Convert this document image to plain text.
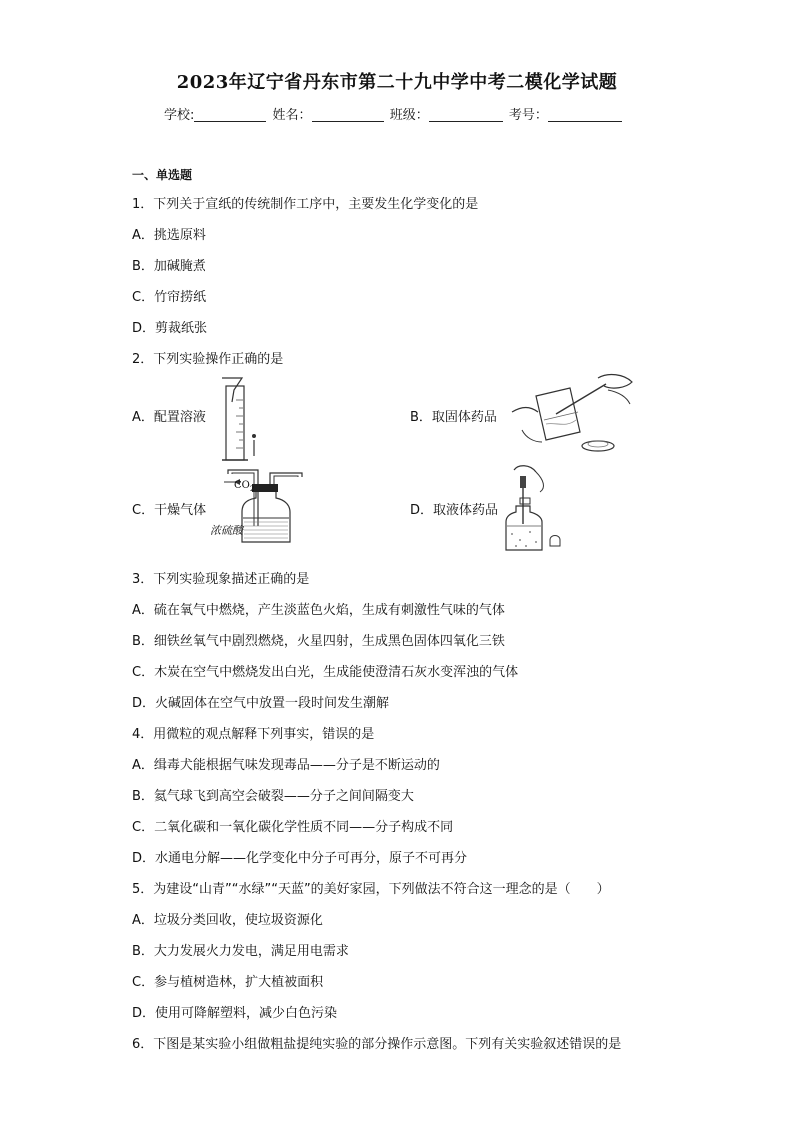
2023年辽宁省丹东市第二十九中学中考二模化学试题
学校:	姓名：	班级：	考号：
一、单选题
1．下列关于宣纸的传统制作工序中，主要发生化学变化的是
A．挑选原料
B．加碱腌煮
C．竹帘捞纸
D．剪裁纸张
2．下列实验操作正确的是
A．配置溶液	B．取固体药品
C．干燥气体	D．取液体药品
$CO_2$
浓硫酸
3．下列实验现象描述正确的是
A．硫在氧气中燃烧，产生淡蓝色火焰，生成有刺激性气味的气体
B．细铁丝氧气中剧烈燃烧，火星四射，生成黑色固体四氧化三铁
C．木炭在空气中燃烧发出白光，生成能使澄清石灰水变浑浊的气体
D．火碱固体在空气中放置一段时间发生潮解
4．用微粒的观点解释下列事实，错误的是
A．缉毒犬能根据气味发现毒品——分子是不断运动的
B．氦气球飞到高空会破裂——分子之间间隔变大
C．二氧化碳和一氧化碳化学性质不同——分子构成不同
D．水通电分解——化学变化中分子可再分，原子不可再分
5．为建设“山青”“水绿”“天蓝”的美好家园，下列做法不符合这一理念的是（　　）
A．垃圾分类回收，使垃圾资源化
B．大力发展火力发电，满足用电需求
C．参与植树造林，扩大植被面积
D．使用可降解塑料，减少白色污染
6．下图是某实验小组做粗盐提纯实验的部分操作示意图。下列有关实验叙述错误的是
